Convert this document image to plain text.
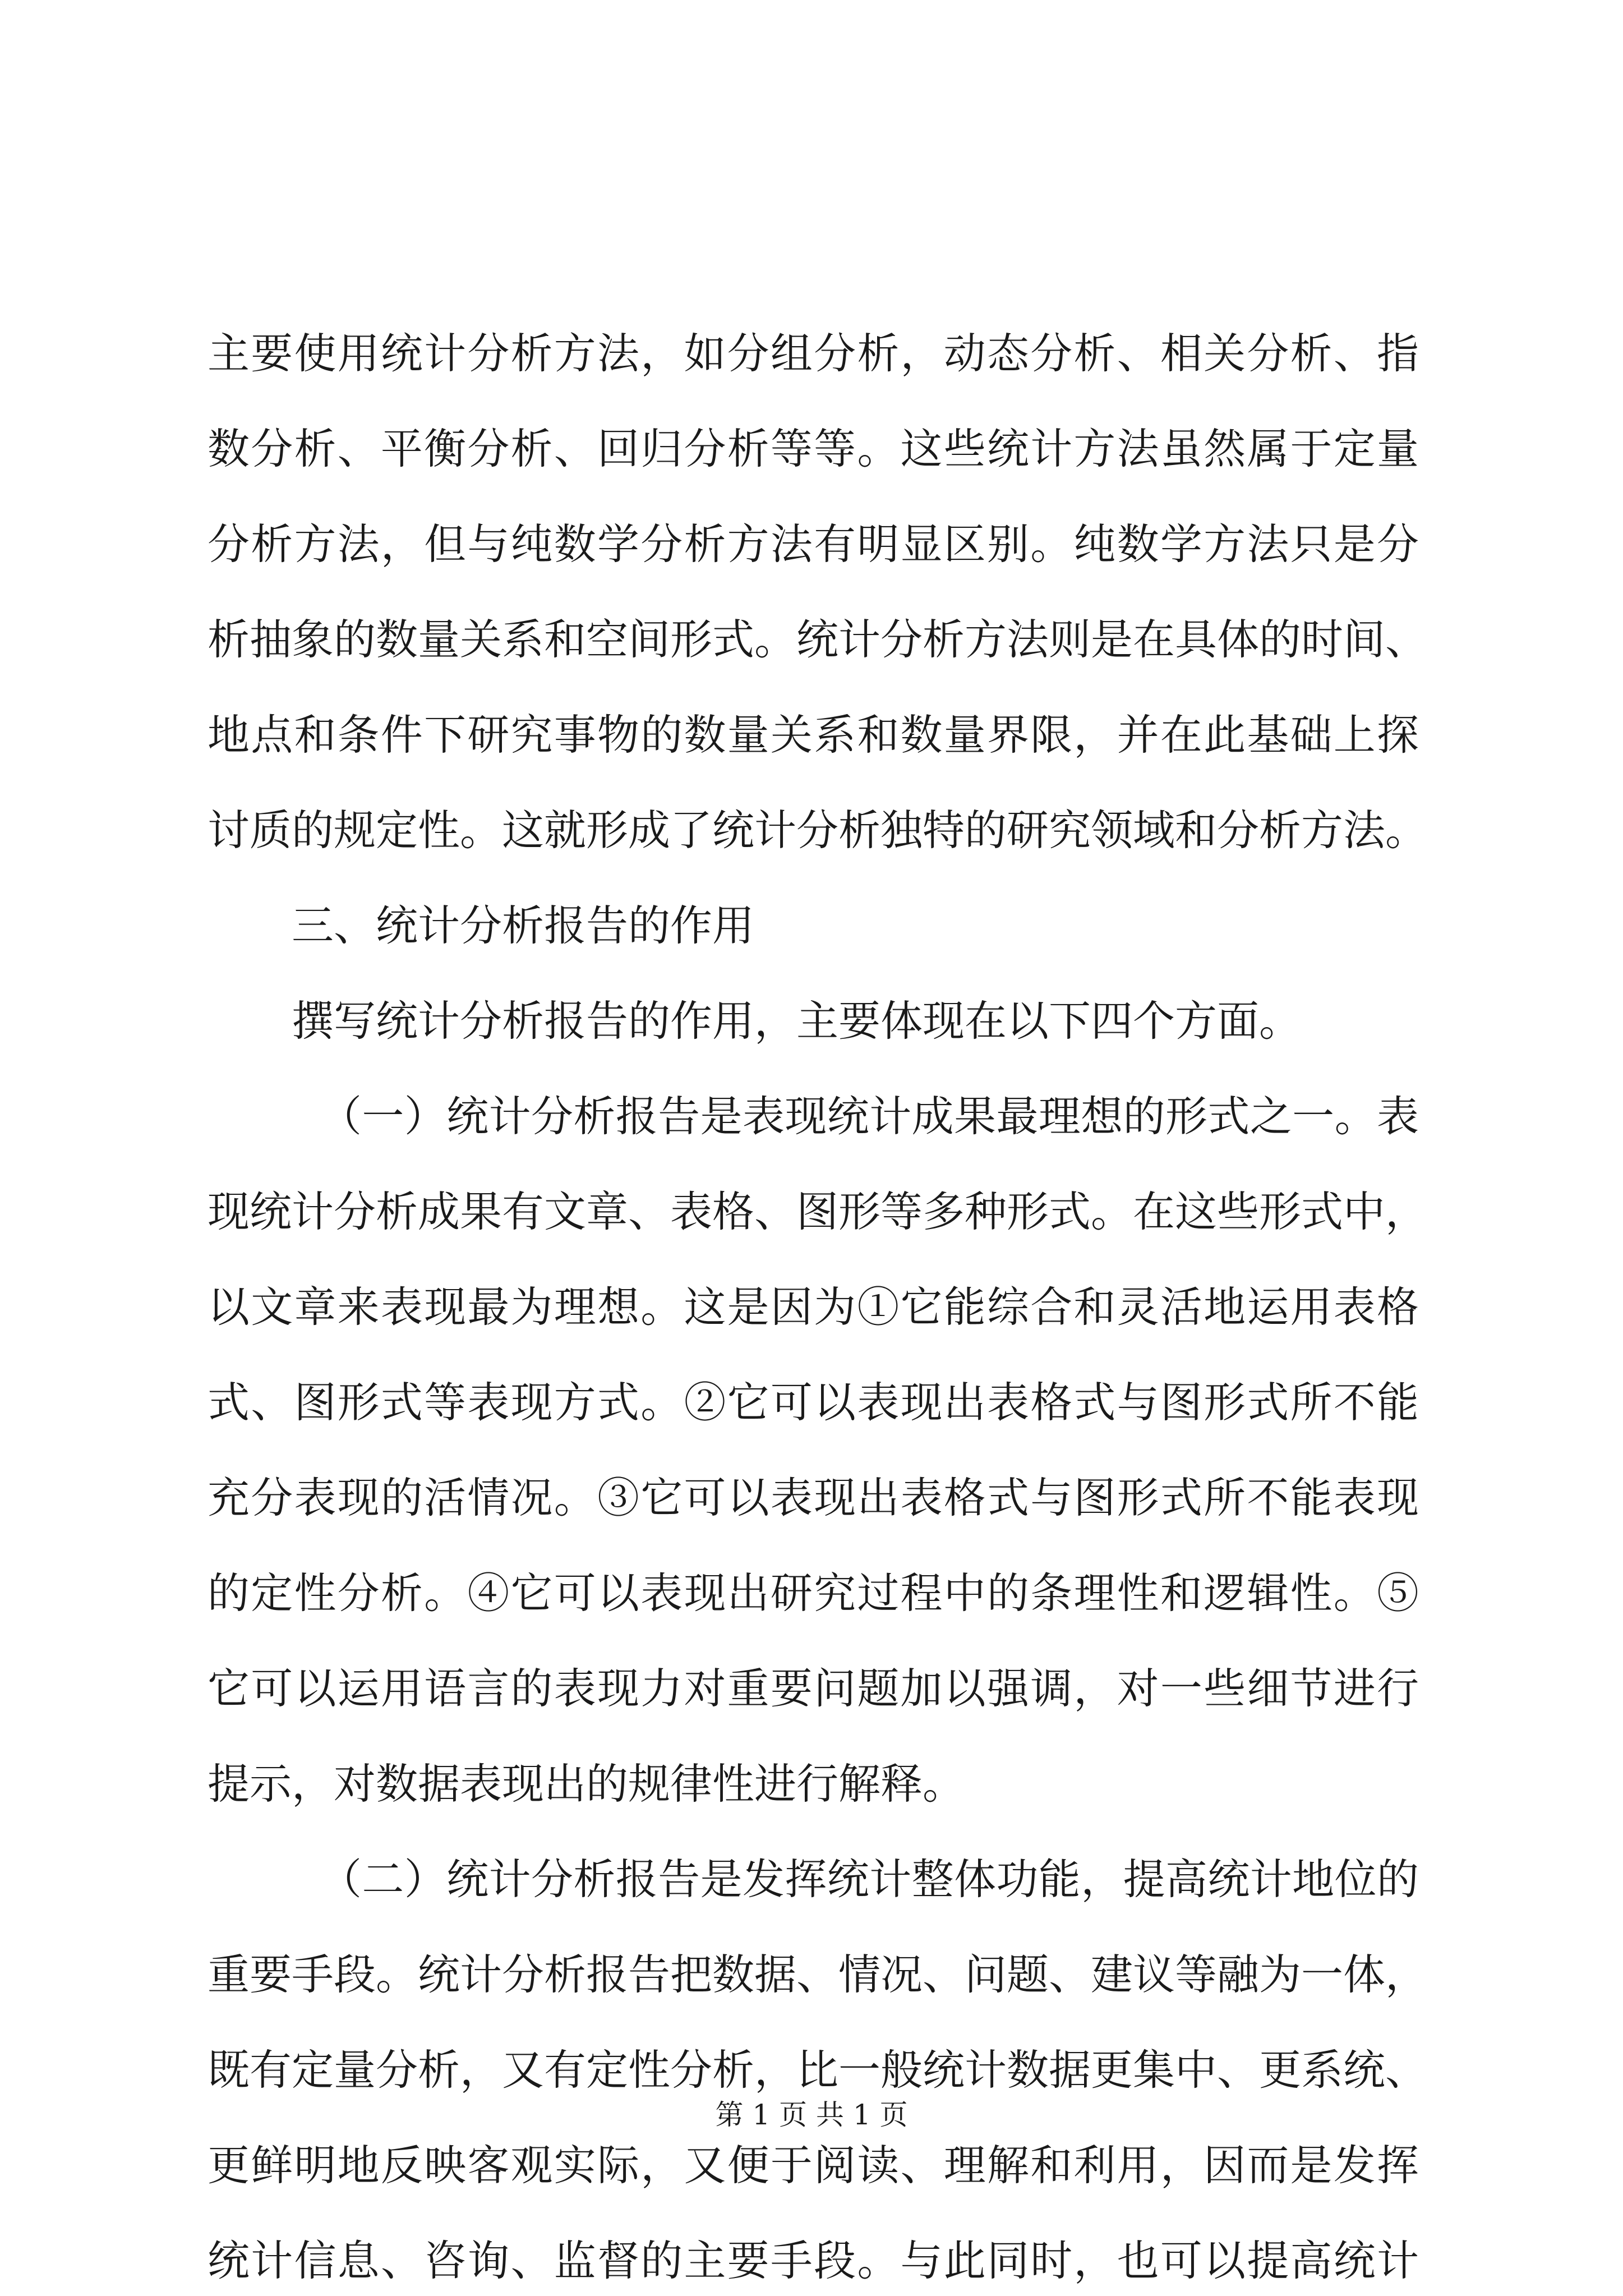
主要使用统计分析方法，如分组分析，动态分析、相关分析、指
数分析、平衡分析、回归分析等等。这些统计方法虽然属于定量
分析方法，但与纯数学分析方法有明显区别。纯数学方法只是分
析抽象的数量关系和空间形式。统计分析方法则是在具体的时间、
地点和条件下研究事物的数量关系和数量界限，并在此基础上探
讨质的规定性。这就形成了统计分析独特的研究领域和分析方法。
三、统计分析报告的作用
撰写统计分析报告的作用，主要体现在以下四个方面。
（一）统计分析报告是表现统计成果最理想的形式之一。表
现统计分析成果有文章、表格、图形等多种形式。在这些形式中，
以文章来表现最为理想。这是因为①它能综合和灵活地运用表格
式、图形式等表现方式。②它可以表现出表格式与图形式所不能
充分表现的活情况。③它可以表现出表格式与图形式所不能表现
的定性分析。④它可以表现出研究过程中的条理性和逻辑性。⑤
它可以运用语言的表现力对重要问题加以强调，对一些细节进行
提示，对数据表现出的规律性进行解释。
（二）统计分析报告是发挥统计整体功能，提高统计地位的
重要手段。统计分析报告把数据、情况、问题、建议等融为一体，
既有定量分析，又有定性分析，比一般统计数据更集中、更系统、
更鲜明地反映客观实际，又便于阅读、理解和利用，因而是发挥
统计信息、咨询、监督的主要手段。与此同时，也可以提高统计
第 1 页 共 1 页
